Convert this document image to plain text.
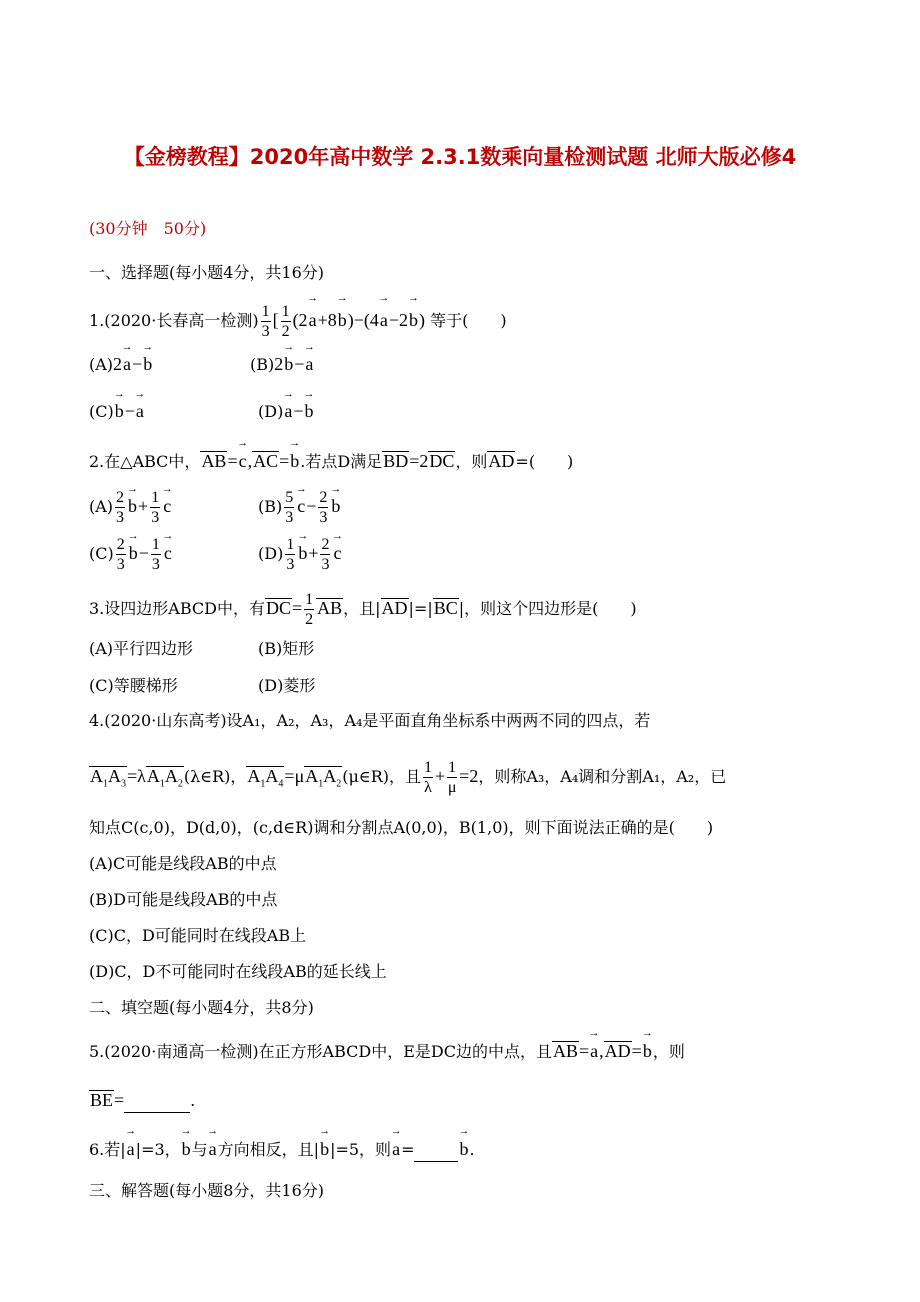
【金榜教程】2020年高中数学 2.3.1数乘向量检测试题 北师大版必修4
(30分钟　50分)
一、选择题(每小题4分，共16分)
1.(2020·长春高一检测) $\frac{1}{3}$ [ $\frac{1}{2} (2\to a+8\to b)-(4\to a-2\to b)$ 等于(　　)
(A)2→ a−→ b	(B)2→ b−→ a
(C)→ b−→ a	(D)→ a−→ b
2.在△ABC中，AB=→ c,AC=→ b.若点D满足BD=2DC，则AD=(　　)
$(A) \frac{2}{3}$
→ $b+ \frac{1}{3}$
→ c	$(B) \frac{5}{3}$
→ $c- \frac{2}{3}$
→ b
$(C) \frac{2}{3}$
→ $b- \frac{1}{3}$
→ c	$(D) \frac{1}{3}$
→ $b+ \frac{2}{3}$
→ c
3.设四边形ABCD中，有$DC= \frac{1}{2}$ AB，且|AD|=|BC|，则这个四边形是(　　)
(A)平行四边形	(B)矩形
(C)等腰梯形	(D)菱形
4.(2020·山东高考)设A₁，A₂，A₃，A₄是平面直角坐标系中两两不同的四点，若
$A_1A_3=\lambda A_1A_2(\lambda\in R)$，$A_1A_4=\mu A_1A_2(\mu\in R)$，且 $\frac{1}{\lambda} + \frac{1}{\mu} =2$，则称A₃，A₄调和分割A₁，A₂，已
知点C(c,0)，D(d,0)，(c,d∈R)调和分割点A(0,0)，B(1,0)，则下面说法正确的是(　　)
(A)C可能是线段AB的中点
(B)D可能是线段AB的中点
(C)C，D可能同时在线段AB上
(D)C，D不可能同时在线段AB的延长线上
二、填空题(每小题4分，共8分)
5.(2020·南通高一检测)在正方形ABCD中，E是DC边的中点，且AB=→ a,AD=→ b，则
BE=	.
6.若|→ a|=3，→ b与→ a方向相反，且|→ b|=5，则→ a= →	b.
三、解答题(每小题8分，共16分)
